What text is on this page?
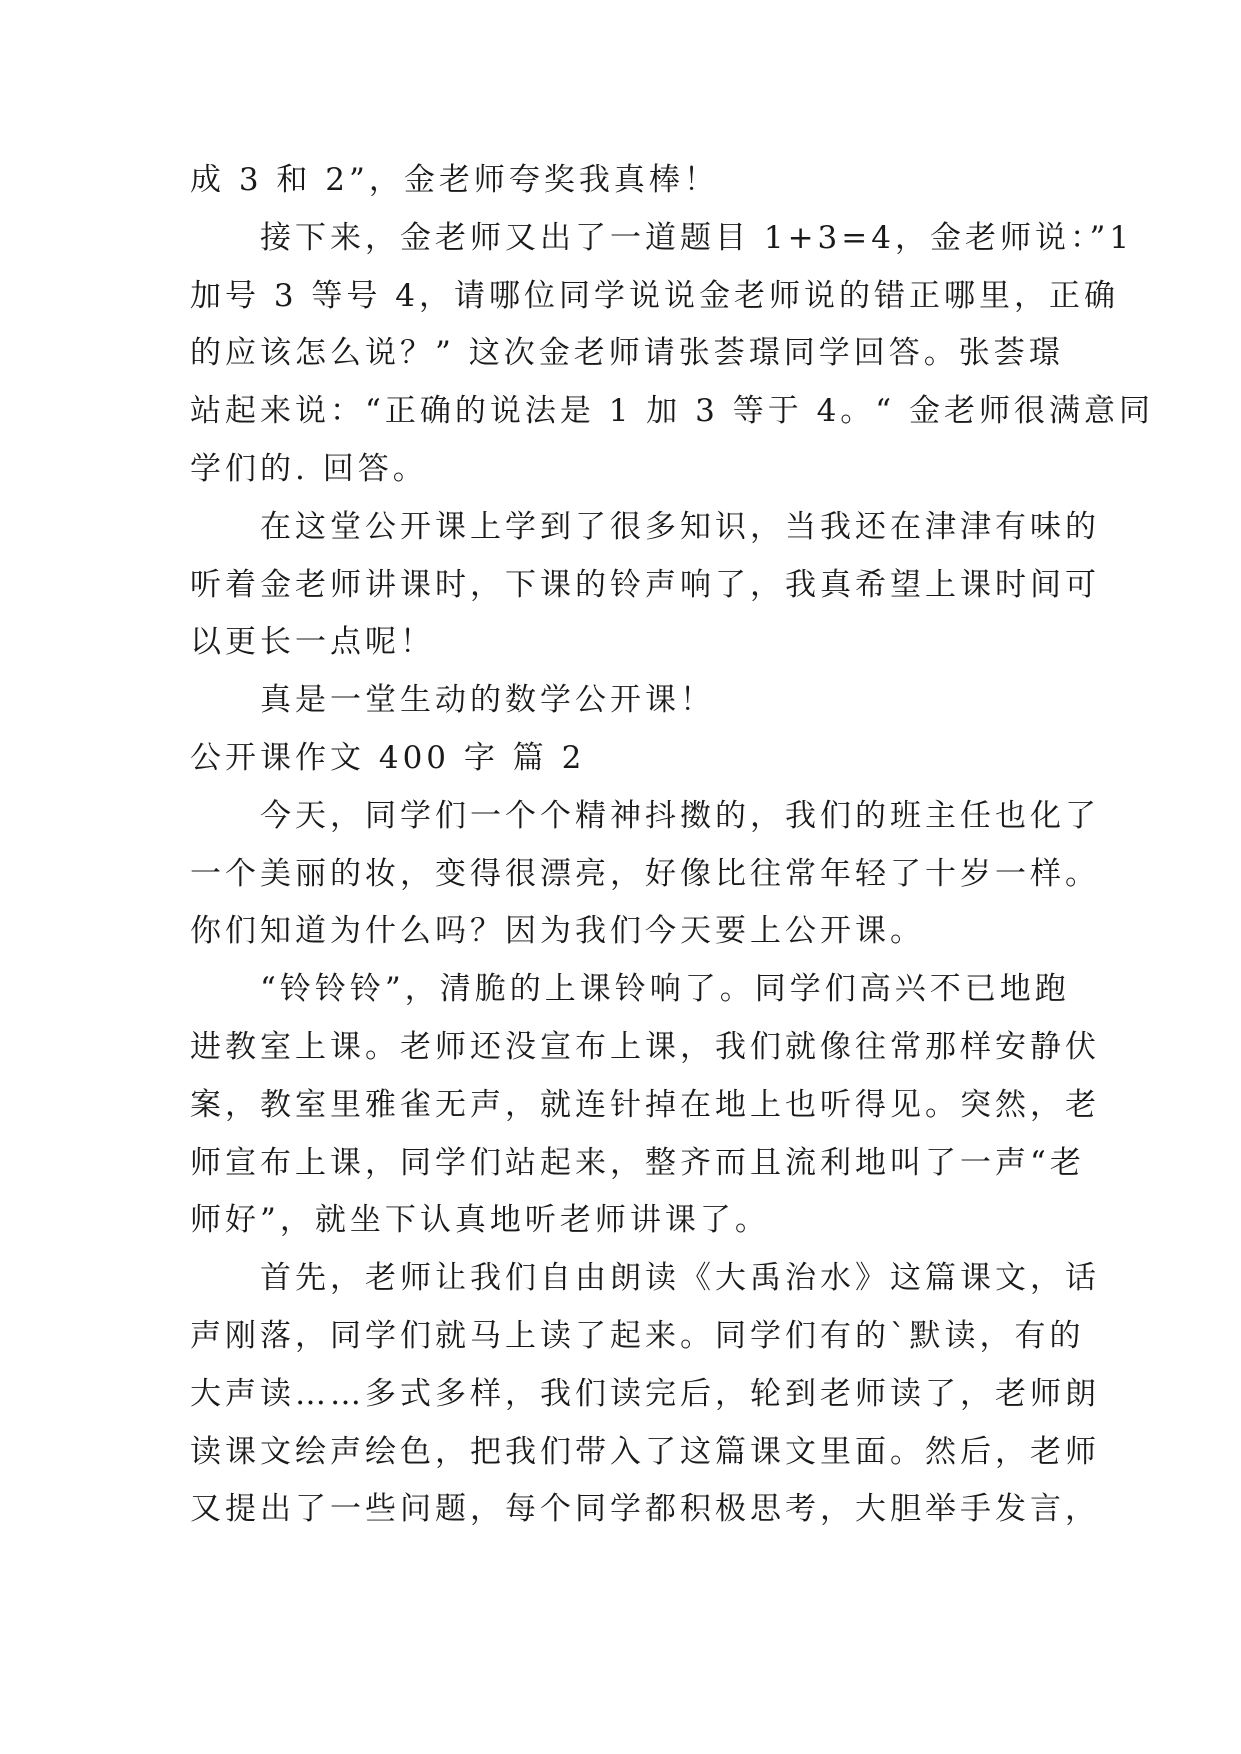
成 3 和 2”，金老师夸奖我真棒！
接下来，金老师又出了一道题目 1+3=4，金老师说：”1
加号 3 等号 4，请哪位同学说说金老师说的错正哪里，正确
的应该怎么说？” 这次金老师请张荟璟同学回答。张荟璟
站起来说：“正确的说法是 1 加 3 等于 4。“ 金老师很满意同
学们的. 回答。
在这堂公开课上学到了很多知识，当我还在津津有味的
听着金老师讲课时，下课的铃声响了，我真希望上课时间可
以更长一点呢！
真是一堂生动的数学公开课！
公开课作文 400 字 篇 2
今天，同学们一个个精神抖擞的，我们的班主任也化了
一个美丽的妆，变得很漂亮，好像比往常年轻了十岁一样。
你们知道为什么吗？因为我们今天要上公开课。
“铃铃铃”，清脆的上课铃响了。同学们高兴不已地跑
进教室上课。老师还没宣布上课，我们就像往常那样安静伏
案，教室里雅雀无声，就连针掉在地上也听得见。突然，老
师宣布上课，同学们站起来，整齐而且流利地叫了一声“老
师好”，就坐下认真地听老师讲课了。
首先，老师让我们自由朗读《大禹治水》这篇课文，话
声刚落，同学们就马上读了起来。同学们有的`默读，有的
大声读……多式多样，我们读完后，轮到老师读了，老师朗
读课文绘声绘色，把我们带入了这篇课文里面。然后，老师
又提出了一些问题，每个同学都积极思考，大胆举手发言，
